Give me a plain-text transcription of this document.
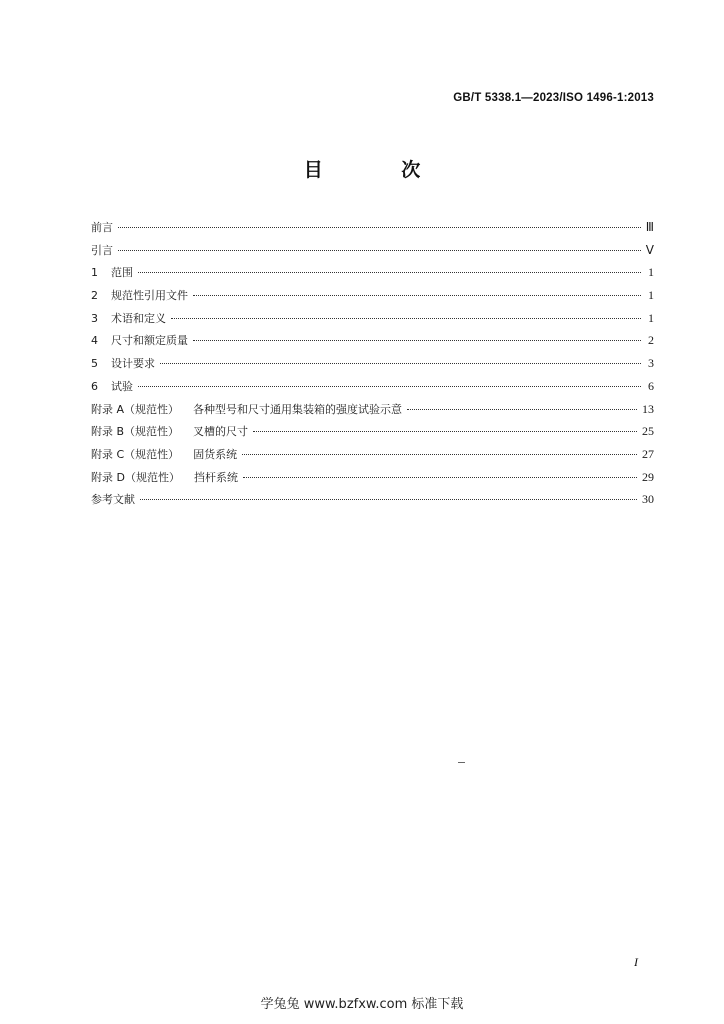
GB/T 5338.1—2023/ISO 1496-1:2013
目 次
前言	Ⅲ
引言	Ⅴ
1 范围	1
2 规范性引用文件	1
3 术语和定义	1
4 尺寸和额定质量	2
5 设计要求	3
6 试验	6
附录 A（规范性） 各种型号和尺寸通用集装箱的强度试验示意	13
附录 B（规范性） 叉槽的尺寸	25
附录 C（规范性） 固货系统	27
附录 D（规范性） 挡杆系统	29
参考文献	30
I
学兔兔 www.bzfxw.com 标准下载
